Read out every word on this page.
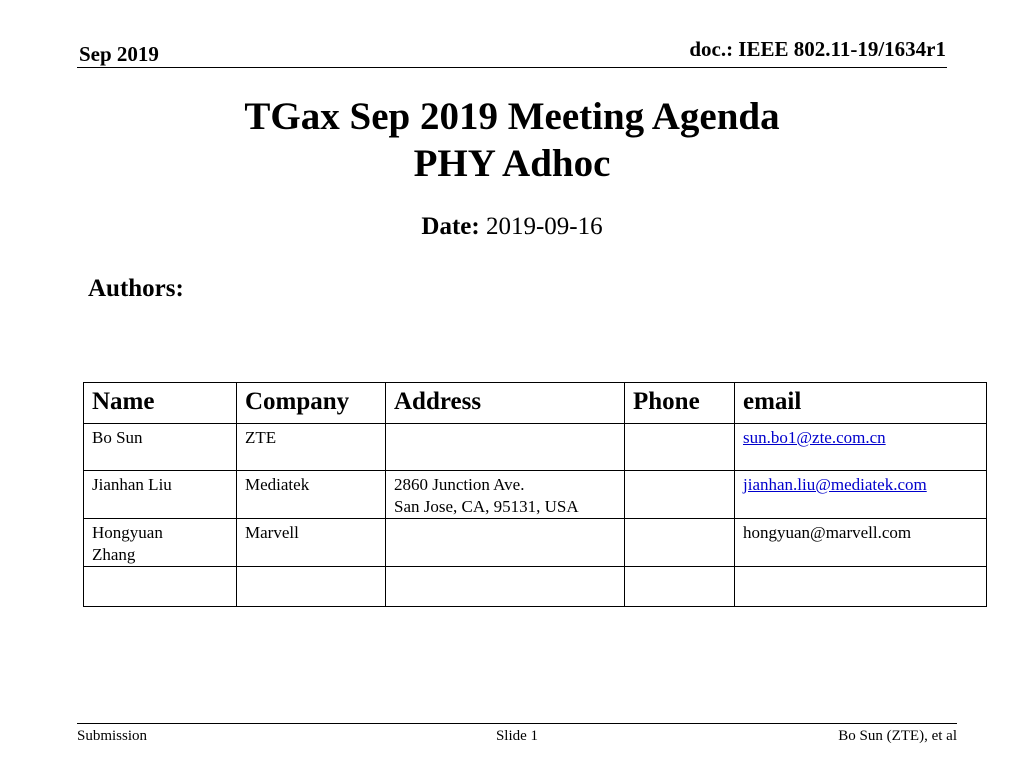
Sep 2019	doc.: IEEE 802.11-19/1634r1
TGax Sep 2019 Meeting Agenda
PHY Adhoc
Date: 2019-09-16
Authors:
Name	Company	Address	Phone	email

Bo Sun	ZTE			sun.bo1@zte.com.cn

Jianhan Liu	Mediatek	2860 Junction Ave.
San Jose, CA, 95131, USA		jianhan.liu@mediatek.com

Hongyuan
Zhang	Marvell			hongyuan@marvell.com

Submission	Slide 1	Bo Sun (ZTE), et al
